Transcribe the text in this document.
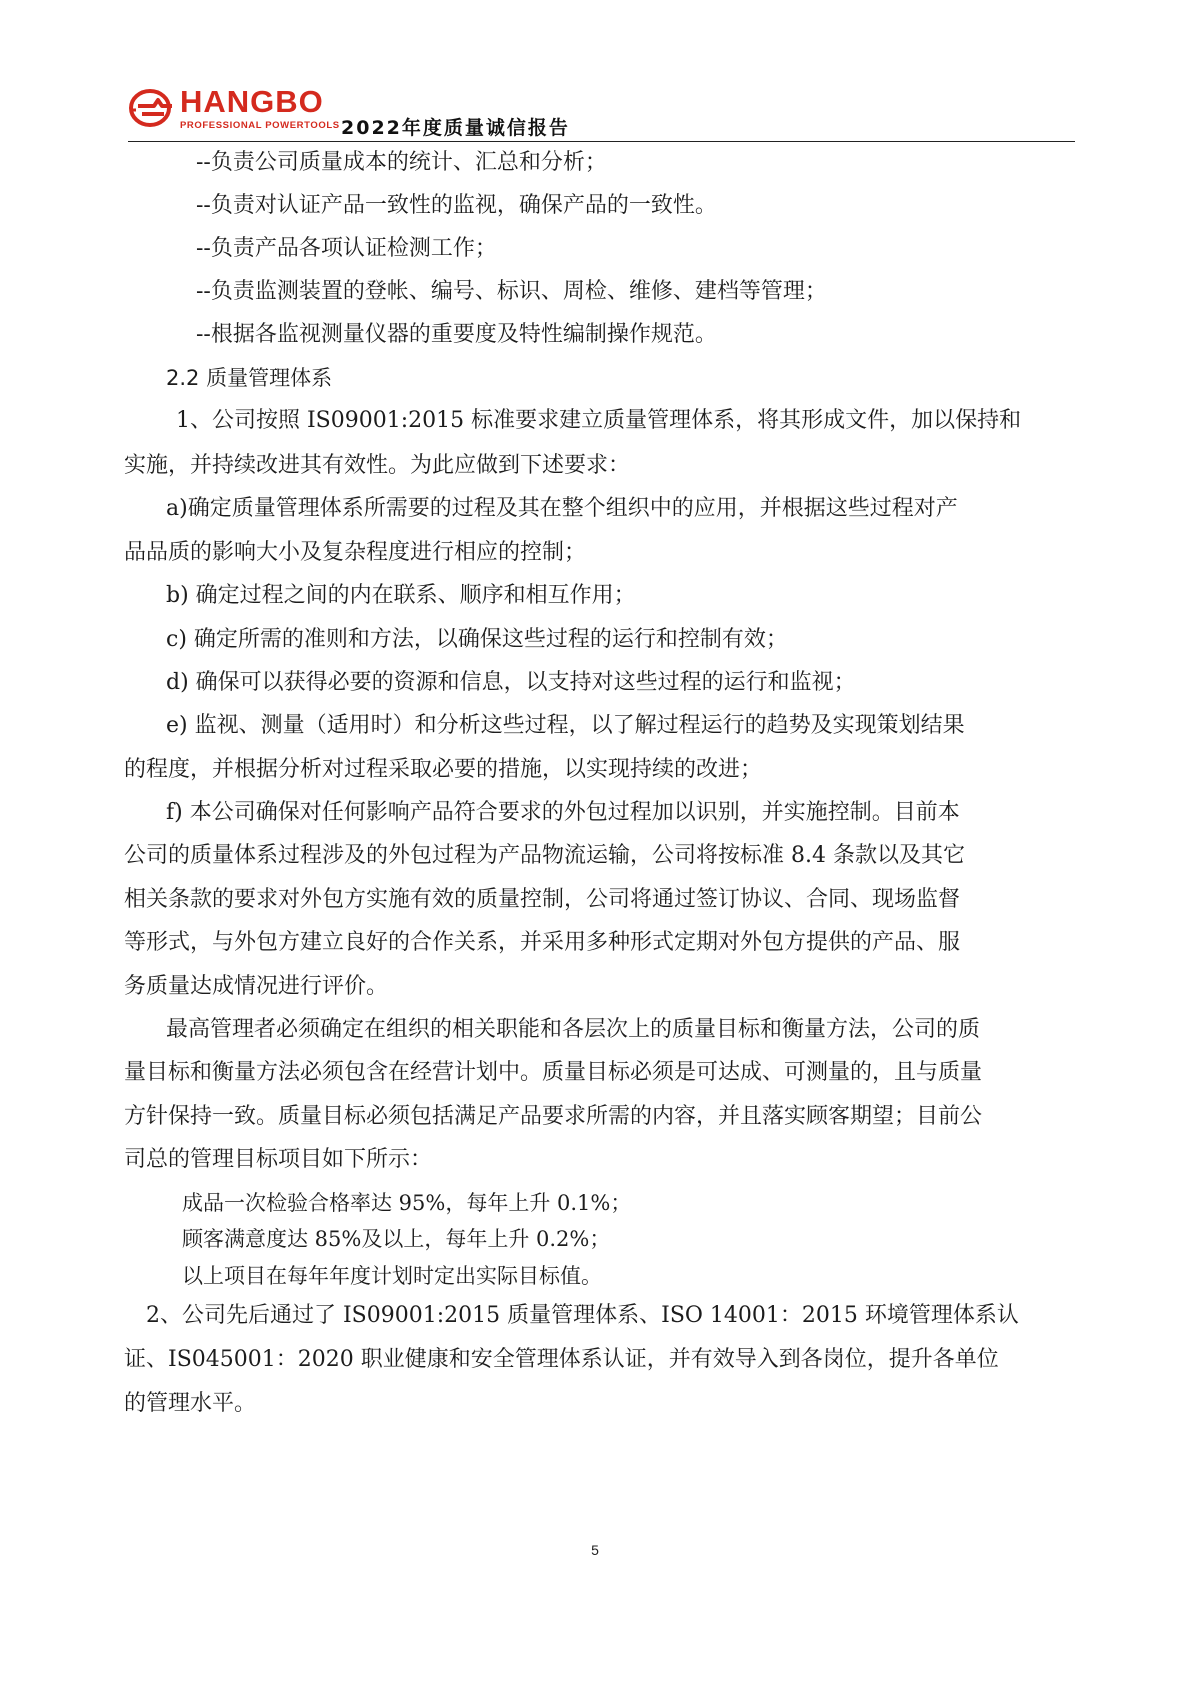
HANGBO
PROFESSIONAL POWERTOOLS 2022年度质量诚信报告
--负责公司质量成本的统计、汇总和分析；
--负责对认证产品一致性的监视，确保产品的一致性。
--负责产品各项认证检测工作；
--负责监测装置的登帐、编号、标识、周检、维修、建档等管理；
--根据各监视测量仪器的重要度及特性编制操作规范。
2.2 质量管理体系
1、公司按照 IS09001:2015 标准要求建立质量管理体系，将其形成文件，加以保持和
实施，并持续改进其有效性。为此应做到下述要求：
a)确定质量管理体系所需要的过程及其在整个组织中的应用，并根据这些过程对产
品品质的影响大小及复杂程度进行相应的控制；
b) 确定过程之间的内在联系、顺序和相互作用；
c) 确定所需的准则和方法，以确保这些过程的运行和控制有效；
d) 确保可以获得必要的资源和信息，以支持对这些过程的运行和监视；
e) 监视、测量（适用时）和分析这些过程，以了解过程运行的趋势及实现策划结果
的程度，并根据分析对过程采取必要的措施，以实现持续的改进；
f) 本公司确保对任何影响产品符合要求的外包过程加以识别，并实施控制。目前本
公司的质量体系过程涉及的外包过程为产品物流运输，公司将按标准 8.4 条款以及其它
相关条款的要求对外包方实施有效的质量控制，公司将通过签订协议、合同、现场监督
等形式，与外包方建立良好的合作关系，并采用多种形式定期对外包方提供的产品、服
务质量达成情况进行评价。
最高管理者必须确定在组织的相关职能和各层次上的质量目标和衡量方法，公司的质
量目标和衡量方法必须包含在经营计划中。质量目标必须是可达成、可测量的，且与质量
方针保持一致。质量目标必须包括满足产品要求所需的内容，并且落实顾客期望；目前公
司总的管理目标项目如下所示：
成品一次检验合格率达 95%，每年上升 0.1%；
顾客满意度达 85%及以上，每年上升 0.2%；
以上项目在每年年度计划时定出实际目标值。
2、公司先后通过了 IS09001:2015 质量管理体系、ISO 14001：2015 环境管理体系认
证、IS045001：2020 职业健康和安全管理体系认证，并有效导入到各岗位，提升各单位
的管理水平。
5
